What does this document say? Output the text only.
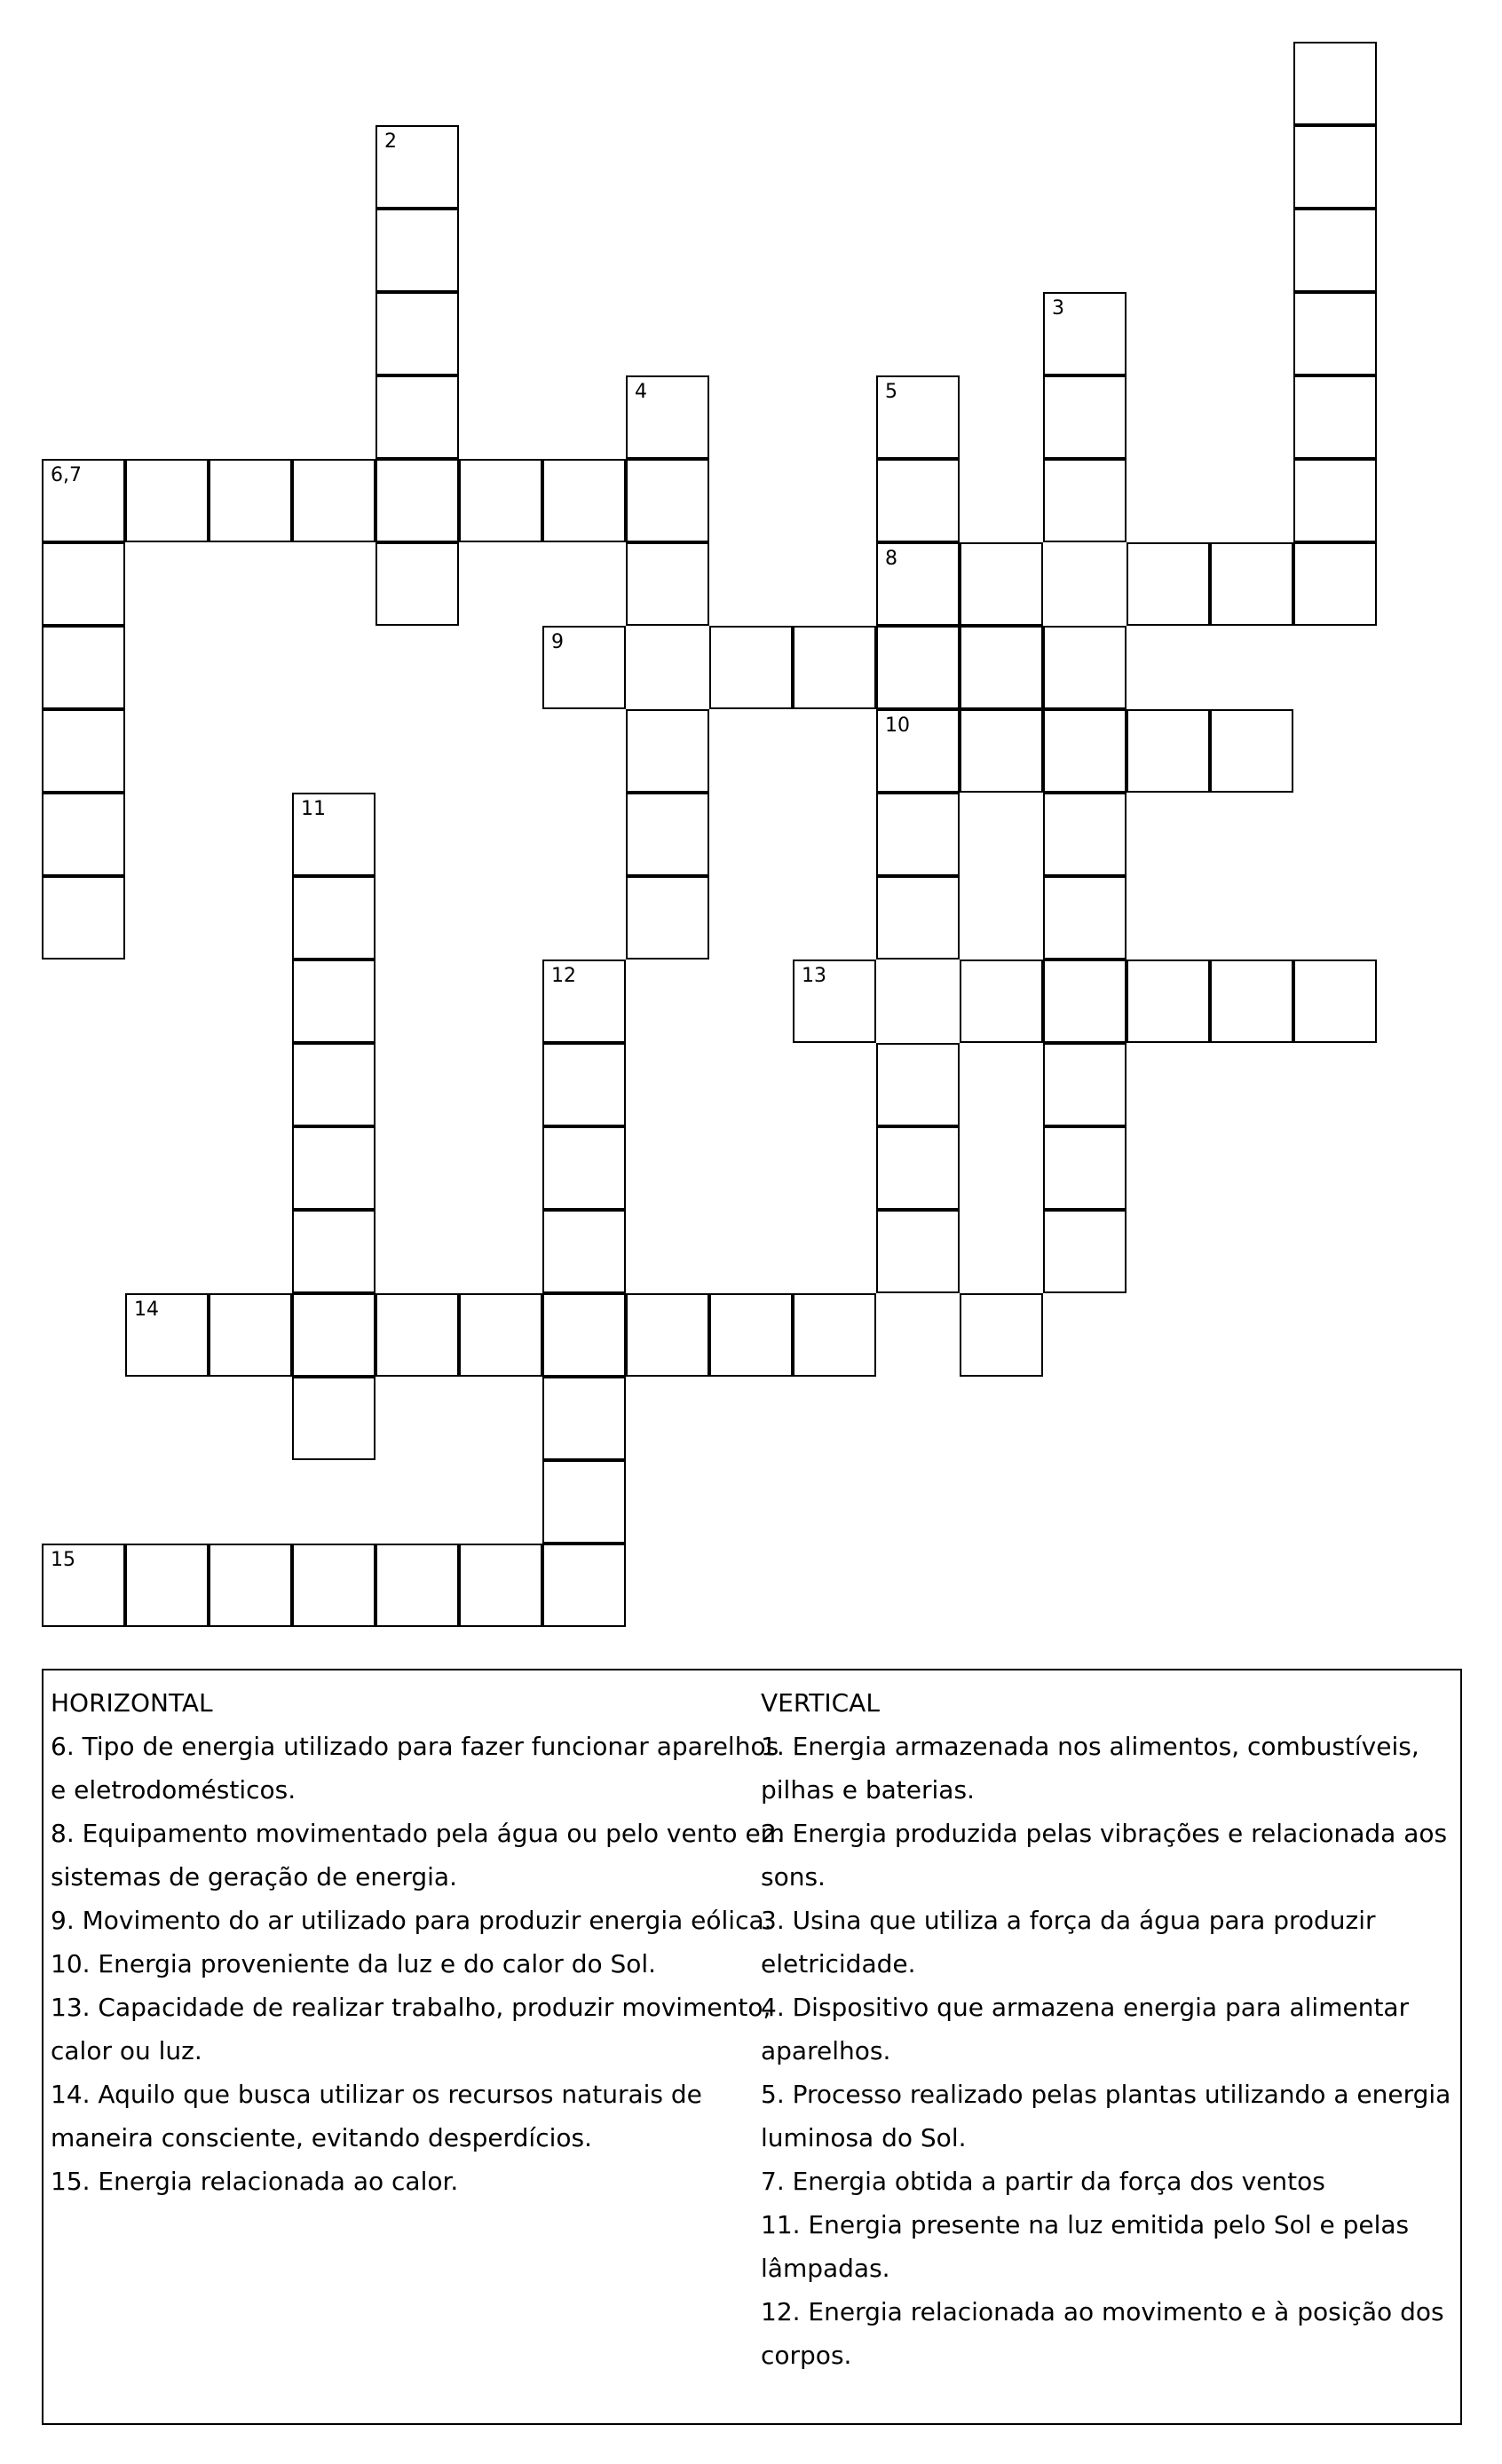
2
3
4	5
6,7
8
9
10
11
12	13
14
15
HORIZONTAL
6. Tipo de energia utilizado para fazer funcionar aparelhos e eletrodomésticos.
8. Equipamento movimentado pela água ou pelo vento em sistemas de geração de energia.
9. Movimento do ar utilizado para produzir energia eólica.
10. Energia proveniente da luz e do calor do Sol.
13. Capacidade de realizar trabalho, produzir movimento, calor ou luz.
14. Aquilo que busca utilizar os recursos naturais de maneira consciente, evitando desperdícios.
15. Energia relacionada ao calor.
VERTICAL
1. Energia armazenada nos alimentos, combustíveis, pilhas e baterias.
2. Energia produzida pelas vibrações e relacionada aos sons.
3. Usina que utiliza a força da água para produzir eletricidade.
4. Dispositivo que armazena energia para alimentar aparelhos.
5. Processo realizado pelas plantas utilizando a energia luminosa do Sol.
7. Energia obtida a partir da força dos ventos
11. Energia presente na luz emitida pelo Sol e pelas lâmpadas.
12. Energia relacionada ao movimento e à posição dos corpos.
